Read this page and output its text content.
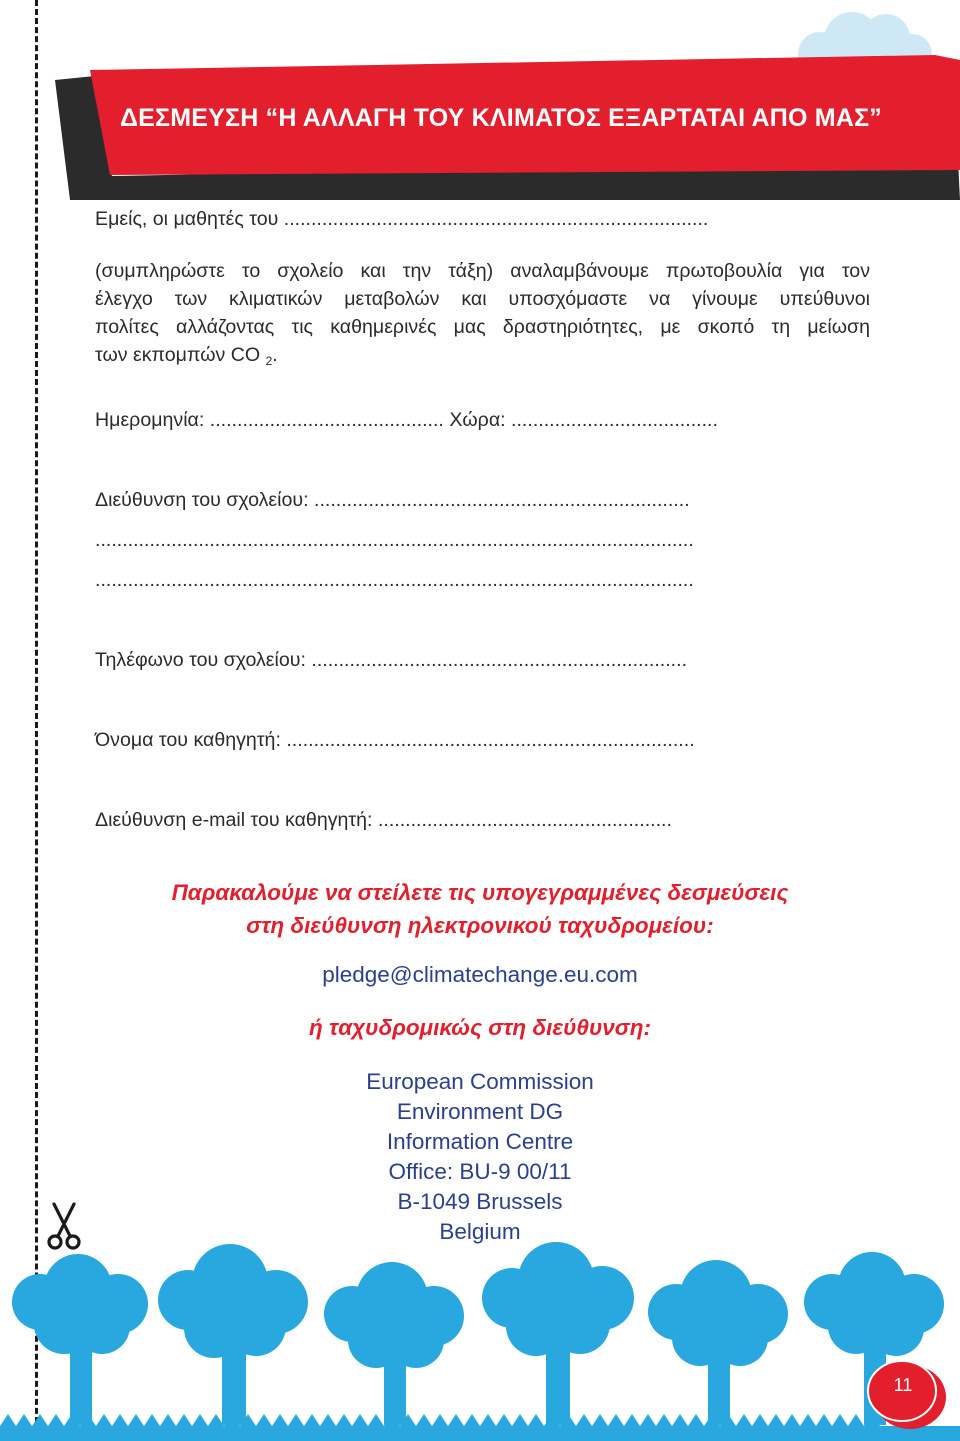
ΔΕΣΜΕΥΣΗ “Η ΑΛΛΑΓΗ ΤΟΥ ΚΛΙΜΑΤΟΣ ΕΞΑΡΤΑΤΑΙ ΑΠΟ ΜΑΣ”
Εμείς, οι μαθητές του ..............................................................................
(συμπληρώστε το σχολείο και την τάξη) αναλαμβάνουμε πρωτοβουλία για τον
έλεγχο των κλιματικών μεταβολών και υποσχόμαστε να γίνουμε υπεύθυνοι
πολίτες αλλάζοντας τις καθημερινές μας δραστηριότητες, με σκοπό τη μείωση
των εκπομπών CO $_2$.
Ημερομηνία: ........................................... Χώρα: ......................................
Διεύθυνση του σχολείου: .....................................................................
..............................................................................................................
..............................................................................................................
Τηλέφωνο του σχολείου: .....................................................................
Όνομα του καθηγητή: ...........................................................................
Διεύθυνση e-mail του καθηγητή: ......................................................
Παρακαλούμε να στείλετε τις υπογεγραμμένες δεσμεύσεις
στη διεύθυνση ηλεκτρονικού ταχυδρομείου:
pledge@climatechange.eu.com
ή ταχυδρομικώς στη διεύθυνση:
European Commission
Environment DG
Information Centre
Office: BU-9 00/11
B-1049 Brussels
Belgium
11
